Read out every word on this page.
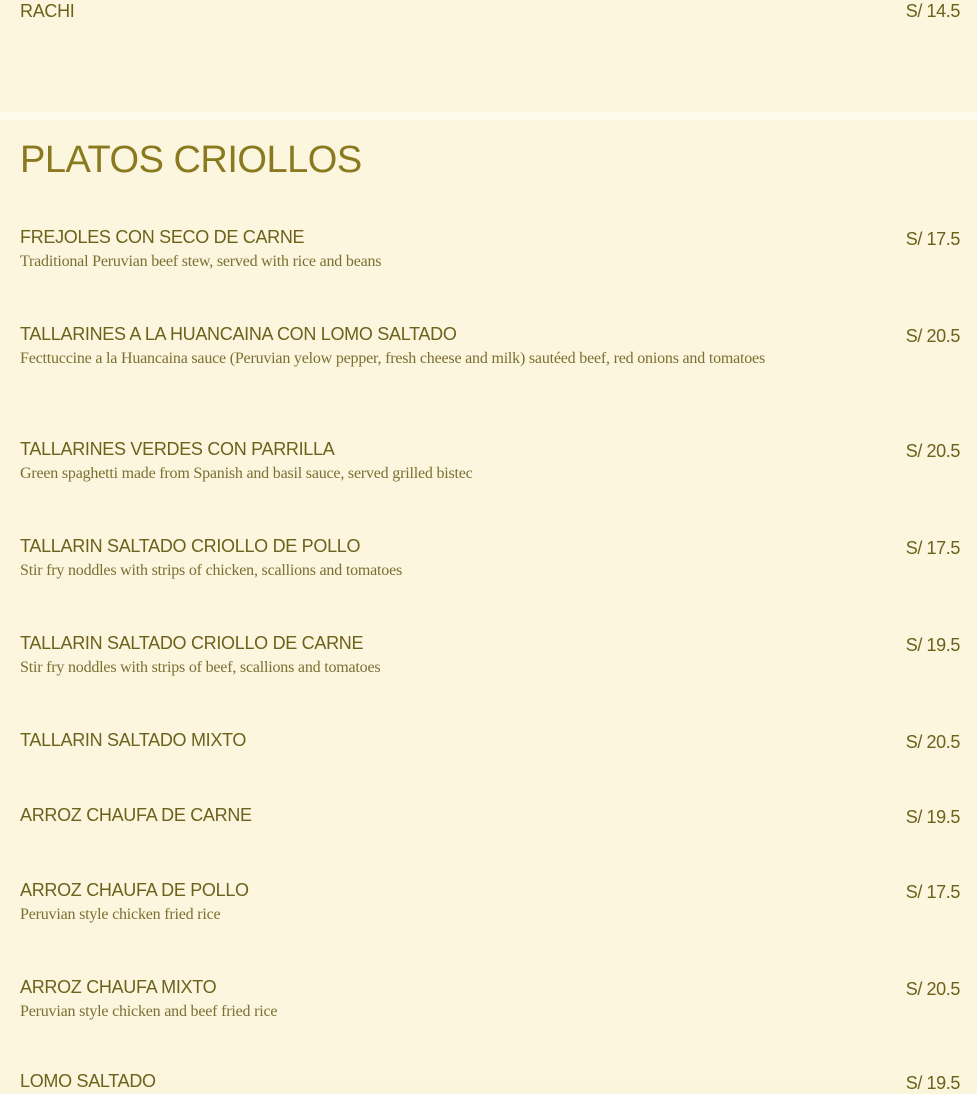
RACHI	S/ 14.5
PLATOS CRIOLLOS
FREJOLES CON SECO DE CARNE	S/ 17.5
Traditional Peruvian beef stew, served with rice and beans
TALLARINES A LA HUANCAINA CON LOMO SALTADO	S/ 20.5
Fecttuccine a la Huancaina sauce (Peruvian yelow pepper, fresh cheese and milk) sautéed beef, red onions and tomatoes
TALLARINES VERDES CON PARRILLA	S/ 20.5
Green spaghetti made from Spanish and basil sauce, served grilled bistec
TALLARIN SALTADO CRIOLLO DE POLLO	S/ 17.5
Stir fry noddles with strips of chicken, scallions and tomatoes
TALLARIN SALTADO CRIOLLO DE CARNE	S/ 19.5
Stir fry noddles with strips of beef, scallions and tomatoes
TALLARIN SALTADO MIXTO	S/ 20.5
ARROZ CHAUFA DE CARNE	S/ 19.5
ARROZ CHAUFA DE POLLO	S/ 17.5
Peruvian style chicken fried rice
ARROZ CHAUFA MIXTO	S/ 20.5
Peruvian style chicken and beef fried rice
LOMO SALTADO	S/ 19.5
